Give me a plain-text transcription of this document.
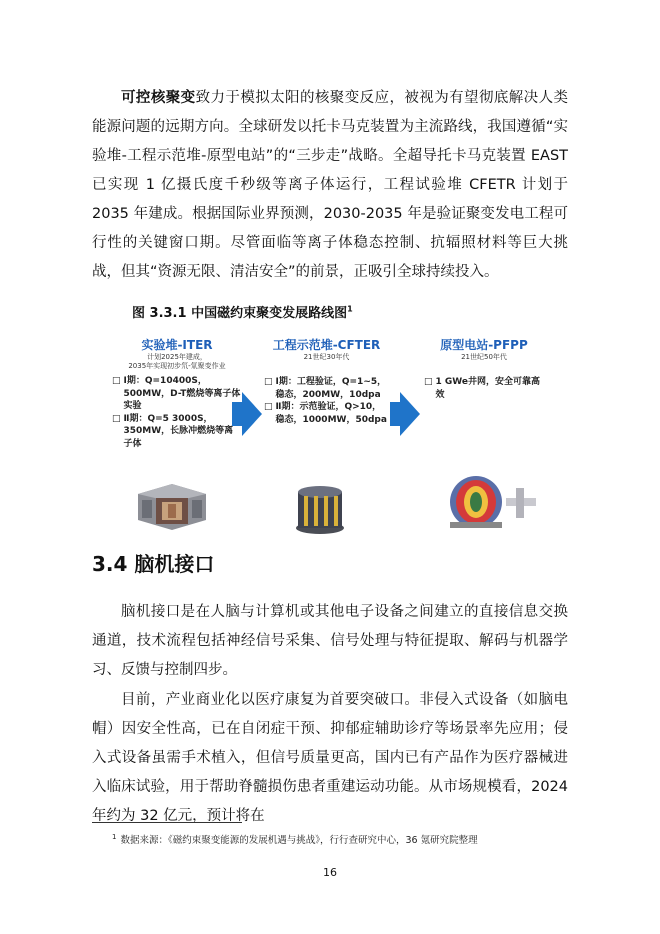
可控核聚变致力于模拟太阳的核聚变反应，被视为有望彻底解决人类能源问题的远期方向。全球研发以托卡马克装置为主流路线，我国遵循“实验堆-工程示范堆-原型电站”的“三步走”战略。全超导托卡马克装置 EAST 已实现 1 亿摄氏度千秒级等离子体运行，工程试验堆 CFETR 计划于 2035 年建成。根据国际业界预测，2030-2035 年是验证聚变发电工程可行性的关键窗口期。尽管面临等离子体稳态控制、抗辐照材料等巨大挑战，但其“资源无限、清洁安全”的前景，正吸引全球持续投入。

图 3.3.1 中国磁约束聚变发展路线图$^1$
实验堆-ITER
计划2025年建成，
2035年实现初步氘-氚聚变作业
□ Ⅰ期：Q=10400S，500MW，D-T燃烧等离子体实验
□ Ⅱ期：Q=5 3000S，350MW，长脉冲燃烧等离子体
工程示范堆-CFTER
21世纪30年代
□ Ⅰ期：工程验证，Q=1~5，稳态，200MW，10dpa
□ Ⅱ期：示范验证，Q>10，稳态，1000MW，50dpa
原型电站-PFPP
21世纪50年代
□ 1 GWe井网，安全可靠高效
3.4 脑机接口

脑机接口是在人脑与计算机或其他电子设备之间建立的直接信息交换通道，技术流程包括神经信号采集、信号处理与特征提取、解码与机器学习、反馈与控制四步。

目前，产业商业化以医疗康复为首要突破口。非侵入式设备（如脑电帽）因安全性高，已在自闭症干预、抑郁症辅助诊疗等场景率先应用；侵入式设备虽需手术植入，但信号质量更高，国内已有产品作为医疗器械进入临床试验，用于帮助脊髓损伤患者重建运动功能。从市场规模看，2024 年约为 32 亿元，预计将在

$^1$ 数据来源：《磁约束聚变能源的发展机遇与挑战》，行行查研究中心，36 氪研究院整理
16
